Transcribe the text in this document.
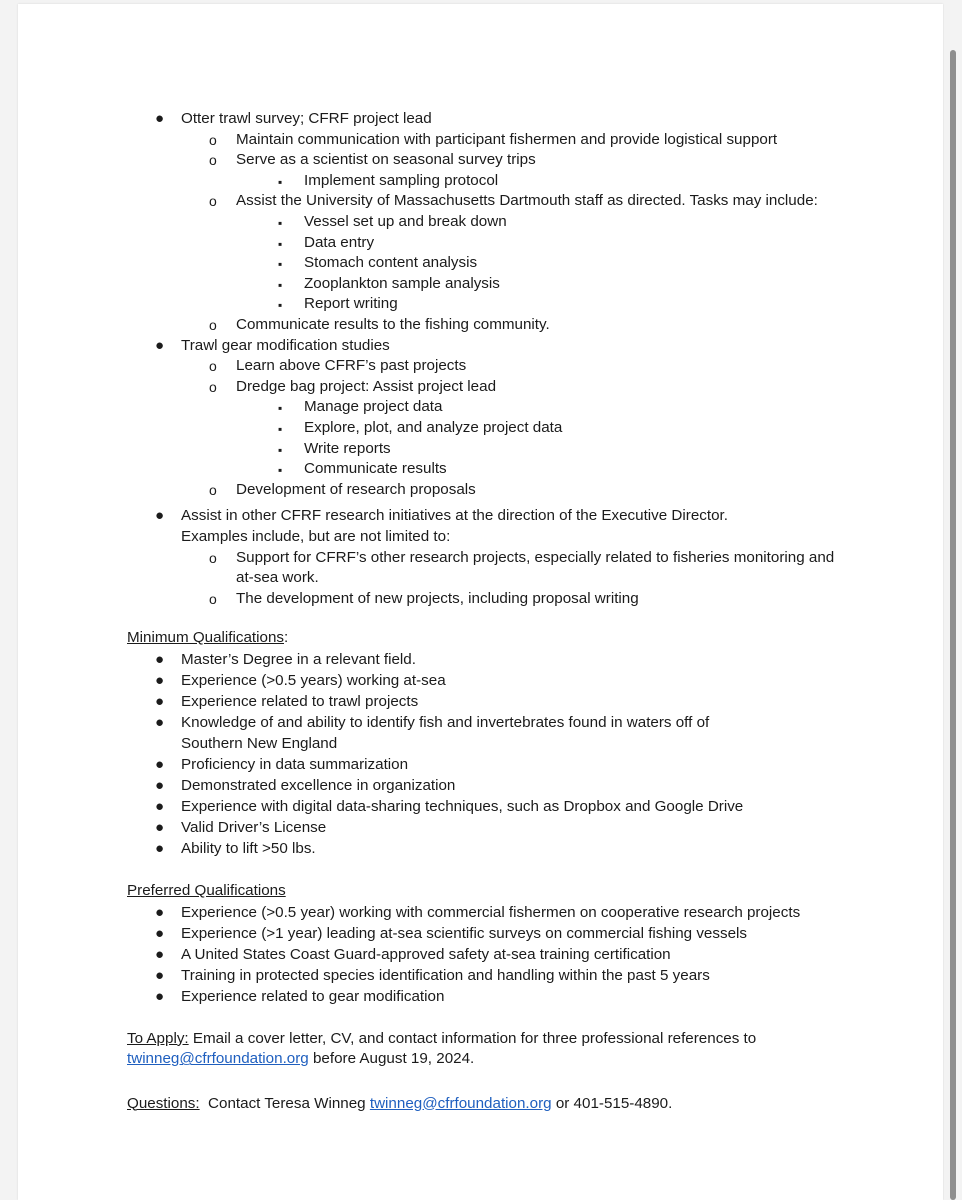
● Otter trawl survey; CFRF project lead
o Maintain communication with participant fishermen and provide logistical support
o Serve as a scientist on seasonal survey trips
▪ Implement sampling protocol
o Assist the University of Massachusetts Dartmouth staff as directed. Tasks may include:
▪ Vessel set up and break down
▪ Data entry
▪ Stomach content analysis
▪ Zooplankton sample analysis
▪ Report writing
o Communicate results to the fishing community.
● Trawl gear modification studies
o Learn above CFRF’s past projects
o Dredge bag project: Assist project lead
▪ Manage project data
▪ Explore, plot, and analyze project data
▪ Write reports
▪ Communicate results
o Development of research proposals
● Assist in other CFRF research initiatives at the direction of the Executive Director.
Examples include, but are not limited to:
o Support for CFRF’s other research projects, especially related to fisheries monitoring and
at-sea work.
o The development of new projects, including proposal writing
Minimum Qualifications:
● Master’s Degree in a relevant field.
● Experience (>0.5 years) working at-sea
● Experience related to trawl projects
● Knowledge of and ability to identify fish and invertebrates found in waters off of
Southern New England
● Proficiency in data summarization
● Demonstrated excellence in organization
● Experience with digital data-sharing techniques, such as Dropbox and Google Drive
● Valid Driver’s License
● Ability to lift >50 lbs.
Preferred Qualifications
● Experience (>0.5 year) working with commercial fishermen on cooperative research projects
● Experience (>1 year) leading at-sea scientific surveys on commercial fishing vessels
● A United States Coast Guard-approved safety at-sea training certification
● Training in protected species identification and handling within the past 5 years
● Experience related to gear modification
To Apply: Email a cover letter, CV, and contact information for three professional references to
twinneg@cfrfoundation.org before August 19, 2024.
Questions:  Contact Teresa Winneg twinneg@cfrfoundation.org or 401-515-4890.
